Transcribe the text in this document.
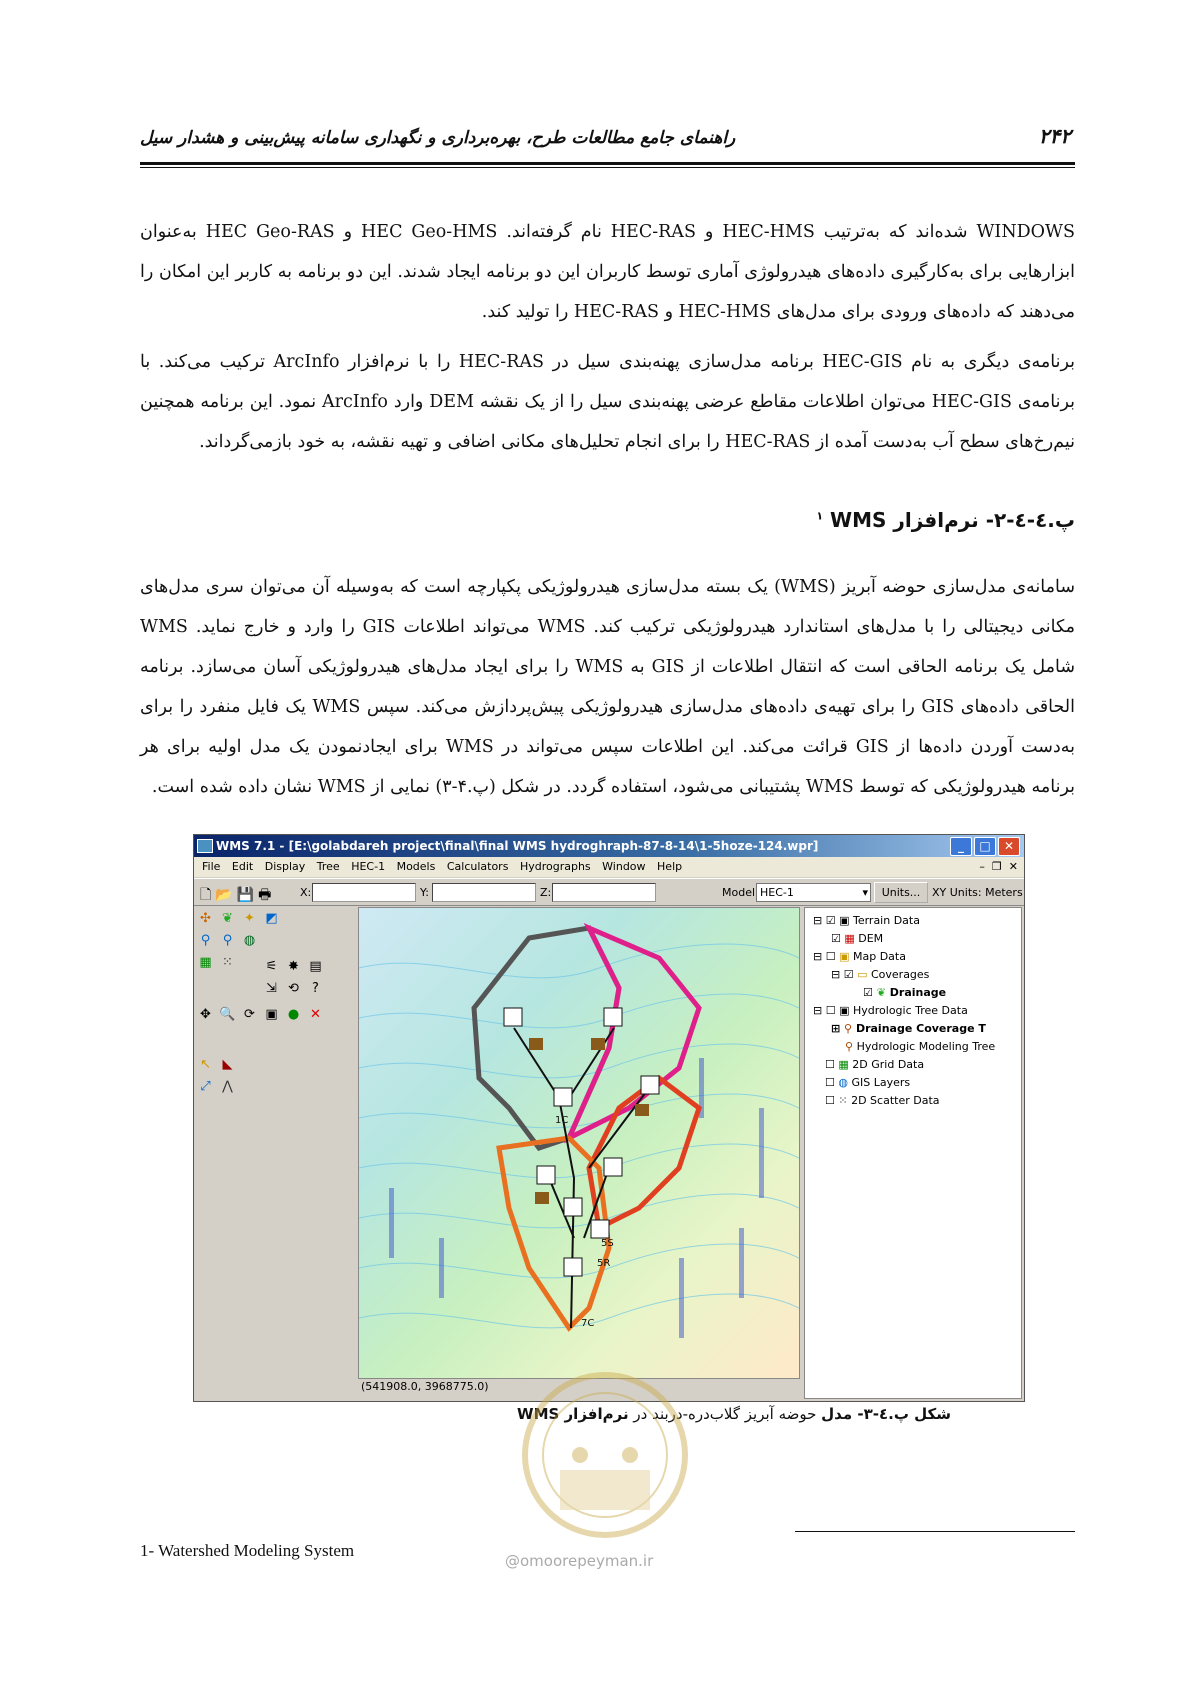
راهنمای جامع مطالعات طرح، بهره‌برداری و نگهداری سامانه پیش‌بینی و هشدار سیل	۲۴۲
WINDOWS شده‌اند که به‌ترتیب HEC-HMS و HEC-RAS نام گرفته‌اند. HEC Geo-HMS و HEC Geo-RAS به‌عنوان ابزارهایی برای به‌کارگیری داده‌های هیدرولوژی آماری توسط کاربران این دو برنامه ایجاد شدند. این دو برنامه به کاربر این امکان را می‌دهند که داده‌های ورودی برای مدل‌های HEC-HMS و HEC-RAS را تولید کند.
برنامه‌ی دیگری به نام HEC-GIS برنامه مدل‌سازی پهنه‌بندی سیل در HEC-RAS را با نرم‌افزار ArcInfo ترکیب می‌کند. با برنامه‌ی HEC-GIS می‌توان اطلاعات مقاطع عرضی پهنه‌بندی سیل را از یک نقشه DEM وارد ArcInfo نمود. این برنامه همچنین نیم‌رخ‌های سطح آب به‌دست آمده از HEC-RAS را برای انجام تحلیل‌های مکانی اضافی و تهیه نقشه، به خود بازمی‌گرداند.
پ.٤-٤-٢- نرم‌افزار WMS $^١$
سامانه‌ی مدل‌سازی حوضه آبریز (WMS) یک بسته مدل‌سازی هیدرولوژیکی پکپارچه است که به‌وسیله آن می‌توان سری مدل‌های مکانی دیجیتالی را با مدل‌های استاندارد هیدرولوژیکی ترکیب کند. WMS می‌تواند اطلاعات GIS را وارد و خارج نماید. WMS شامل یک برنامه الحاقی است که انتقال اطلاعات از GIS به WMS را برای ایجاد مدل‌های هیدرولوژیکی آسان می‌سازد. برنامه الحاقی داده‌های GIS را برای تهیه‌ی داده‌های مدل‌سازی هیدرولوژیکی پیش‌پردازش می‌کند. سپس WMS یک فایل منفرد را برای به‌دست آوردن داده‌ها از GIS قرائت می‌کند. این اطلاعات سپس می‌تواند در WMS برای ایجادنمودن یک مدل اولیه برای هر برنامه هیدرولوژیکی که توسط WMS پشتیبانی می‌شود، استفاده گردد. در شکل (پ.۴-۳) نمایی از WMS نشان داده شده است.
WMS 7.1 - [E:\golabdareh project\final\final WMS hydroghraph-87-8-14\1-5hoze-124.wpr]	_	□	✕
File Edit Display Tree HEC-1 Models Calculators Hydrographs Window Help	–  ❐  ✕
🗋📂💾🖶 X:	Y:	Z:	Model HEC-1	▾	Units...	XY Units: Meters
✣ ❦ ✦ ◩
⚲ ⚲ ◍
▦ ⁙	⚟ ✸ ▤
⇲ ⟲	?
✥ 🔍 ⟳ ▣ ● ✕
↖ ◣
⤢ ⋀
5S
5R
7C
1C
(541908.0, 3968775.0)
⊟ ☑ ▣ Terrain Data
☑ ▦ DEM
⊟ ☐ ▣ Map Data
⊟ ☑ ▭ Coverages
☑ ❦ Drainage
⊟ ☐ ▣ Hydrologic Tree Data
⊞ ⚲ Drainage Coverage T
⚲ Hydrologic Modeling Tree
☐ ▦ 2D Grid Data
☐ ◍ GIS Layers
☐ ⁙ 2D Scatter Data
شکل پ.٤-٣- مدل حوضه آبریز گلاب‌دره-دربند در نرم‌افزار WMS
1- Watershed Modeling System
@omoorepeyman.ir
